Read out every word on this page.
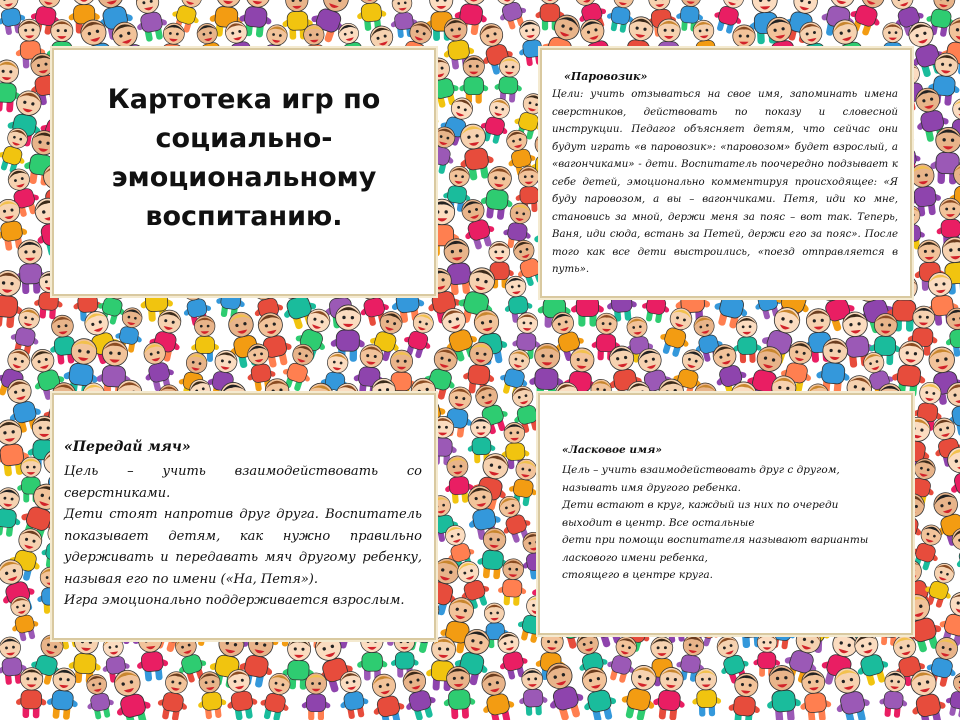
Картотека игр по
социально-
эмоциональному
воспитанию.
«Паровозик»
Цели: учить отзываться на свое имя, запоминать имена сверстников, действовать по показу и словесной инструкции. Педагог объясняет детям, что сейчас они будут играть «в паровозик»: «паровозом» будет взрослый, а «вагончиками» - дети. Воспитатель поочередно подзывает к себе детей, эмоционально комментируя происходящее: «Я буду паровозом, а вы – вагончиками. Петя, иди ко мне, становись за мной, держи меня за пояс – вот так. Теперь, Ваня, иди сюда, встань за Петей, держи его за пояс». После того как все дети выстроились, «поезд отправляется в путь».
«Передай мяч»
Цель – учить взаимодействовать со сверстниками.
Дети стоят напротив друг друга. Воспитатель показывает детям, как нужно правильно удерживать и передавать мяч другому ребенку, называя его по имени («На, Петя»).
Игра эмоционально поддерживается взрослым.
«Ласковое имя»
Цель – учить взаимодействовать друг с другом, называть имя другого ребенка.
Дети встают в круг, каждый из них по очереди выходит в центр. Все остальные
дети при помощи воспитателя называют варианты ласкового имени ребенка,
стоящего в центре круга.
